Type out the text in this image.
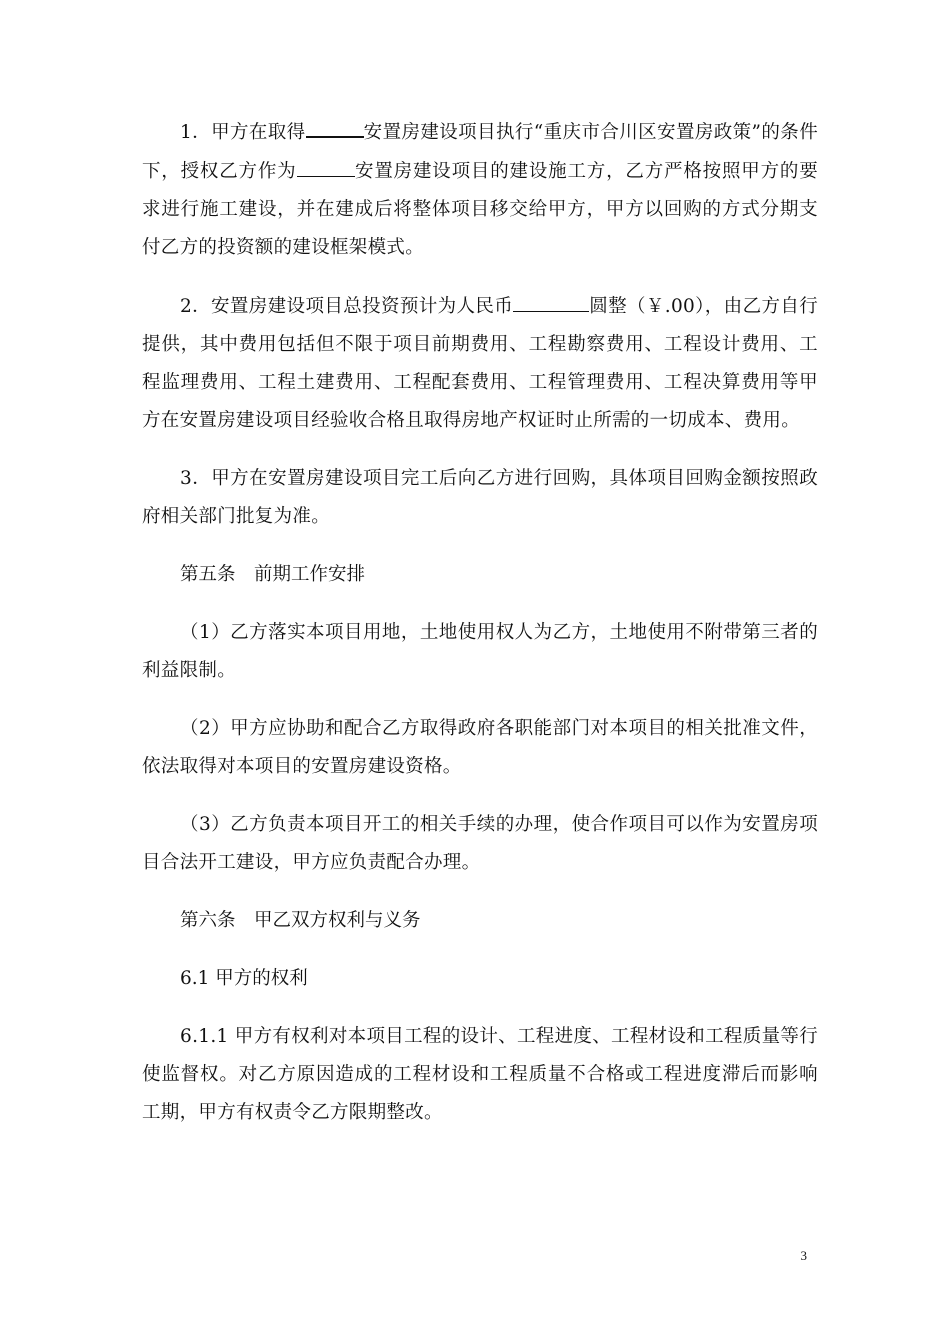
1．甲方在取得	安置房建设项目执行“重庆市合川区安置房政策”的条件下，授权乙方作为	安置房建设项目的建设施工方，乙方严格按照甲方的要求进行施工建设，并在建成后将整体项目移交给甲方，甲方以回购的方式分期支付乙方的投资额的建设框架模式。

2．安置房建设项目总投资预计为人民币	圆整（￥.00），由乙方自行提供，其中费用包括但不限于项目前期费用、工程勘察费用、工程设计费用、工程监理费用、工程土建费用、工程配套费用、工程管理费用、工程决算费用等甲方在安置房建设项目经验收合格且取得房地产权证时止所需的一切成本、费用。

3．甲方在安置房建设项目完工后向乙方进行回购，具体项目回购金额按照政府相关部门批复为准。

第五条　前期工作安排

（1）乙方落实本项目用地，土地使用权人为乙方，土地使用不附带第三者的利益限制。

（2）甲方应协助和配合乙方取得政府各职能部门对本项目的相关批准文件，依法取得对本项目的安置房建设资格。

（3）乙方负责本项目开工的相关手续的办理，使合作项目可以作为安置房项目合法开工建设，甲方应负责配合办理。

第六条　甲乙双方权利与义务

6.1 甲方的权利

6.1.1 甲方有权利对本项目工程的设计、工程进度、工程材设和工程质量等行使监督权。对乙方原因造成的工程材设和工程质量不合格或工程进度滞后而影响工期，甲方有权责令乙方限期整改。

3
